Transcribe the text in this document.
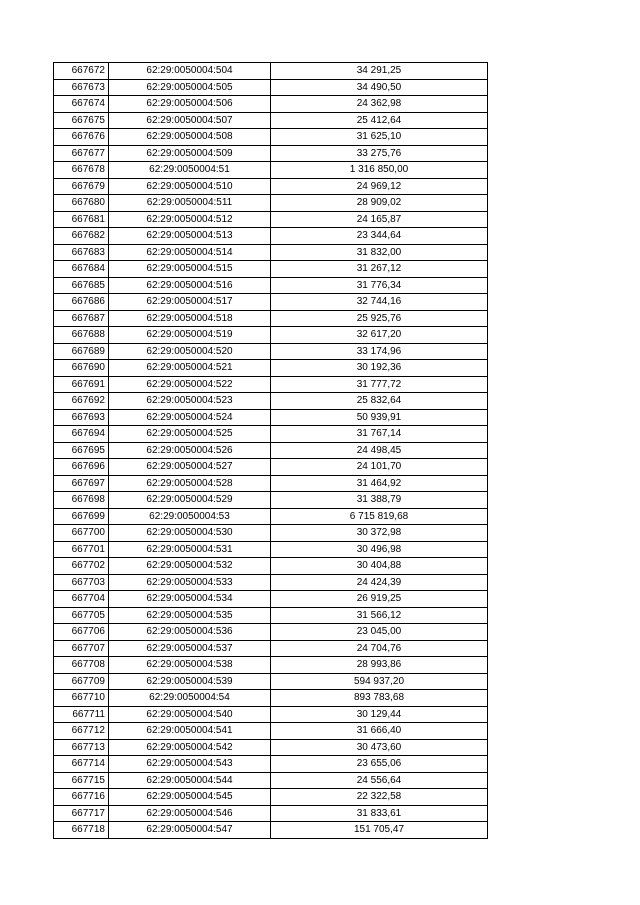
667672	62:29:0050004:504	34 291,25
667673	62:29:0050004:505	34 490,50
667674	62:29:0050004:506	24 362,98
667675	62:29:0050004:507	25 412,64
667676	62:29:0050004:508	31 625,10
667677	62:29:0050004:509	33 275,76
667678	62:29:0050004:51	1 316 850,00
667679	62:29:0050004:510	24 969,12
667680	62:29:0050004:511	28 909,02
667681	62:29:0050004:512	24 165,87
667682	62:29:0050004:513	23 344,64
667683	62:29:0050004:514	31 832,00
667684	62:29:0050004:515	31 267,12
667685	62:29:0050004:516	31 776,34
667686	62:29:0050004:517	32 744,16
667687	62:29:0050004:518	25 925,76
667688	62:29:0050004:519	32 617,20
667689	62:29:0050004:520	33 174,96
667690	62:29:0050004:521	30 192,36
667691	62:29:0050004:522	31 777,72
667692	62:29:0050004:523	25 832,64
667693	62:29:0050004:524	50 939,91
667694	62:29:0050004:525	31 767,14
667695	62:29:0050004:526	24 498,45
667696	62:29:0050004:527	24 101,70
667697	62:29:0050004:528	31 464,92
667698	62:29:0050004:529	31 388,79
667699	62:29:0050004:53	6 715 819,68
667700	62:29:0050004:530	30 372,98
667701	62:29:0050004:531	30 496,98
667702	62:29:0050004:532	30 404,88
667703	62:29:0050004:533	24 424,39
667704	62:29:0050004:534	26 919,25
667705	62:29:0050004:535	31 566,12
667706	62:29:0050004:536	23 045,00
667707	62:29:0050004:537	24 704,76
667708	62:29:0050004:538	28 993,86
667709	62:29:0050004:539	594 937,20
667710	62:29:0050004:54	893 783,68
667711	62:29:0050004:540	30 129,44
667712	62:29:0050004:541	31 666,40
667713	62:29:0050004:542	30 473,60
667714	62:29:0050004:543	23 655,06
667715	62:29:0050004:544	24 556,64
667716	62:29:0050004:545	22 322,58
667717	62:29:0050004:546	31 833,61
667718	62:29:0050004:547	151 705,47
